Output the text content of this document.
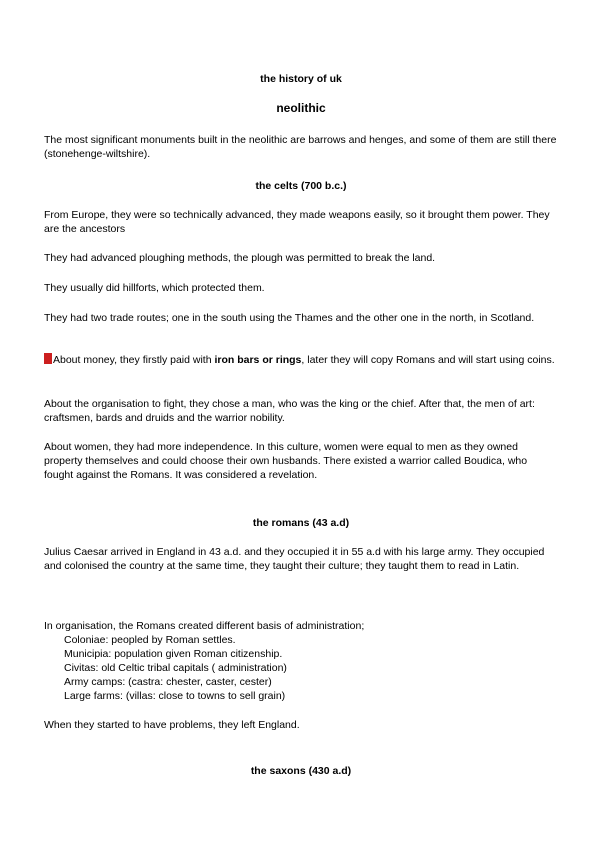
the history of uk

neolithic

The most significant monuments built in the neolithic are barrows and henges, and some of them are still there (stonehenge-wiltshire).

the celts (700 b.c.)

From Europe, they were so technically advanced, they made weapons easily, so it brought them power. They are the ancestors

They had advanced ploughing methods, the plough was permitted to break the land.

They usually did hillforts, which protected them.

They had two trade routes; one in the south using the Thames and the other one in the north, in Scotland.

About money, they firstly paid with iron bars or rings, later they will copy Romans and will start using coins.

About the organisation to fight, they chose a man, who was the king or the chief. After that, the men of art: craftsmen, bards and druids and the warrior nobility.

About women, they had more independence. In this culture, women were equal to men as they owned property themselves and could choose their own husbands. There existed a warrior called Boudica, who fought against the Romans. It was considered a revelation.

the romans (43 a.d)

Julius Caesar arrived in England in 43 a.d. and they occupied it in 55 a.d with his large army. They occupied and colonised the country at the same time, they taught their culture; they taught them to read in Latin.

In organisation, the Romans created different basis of administration;

Coloniae: peopled by Roman settles.

Municipia: population given Roman citizenship.

Civitas: old Celtic tribal capitals ( administration)

Army camps: (castra: chester, caster, cester)

Large farms: (villas: close to towns to sell grain)

When they started to have problems, they left England.

the saxons (430 a.d)
